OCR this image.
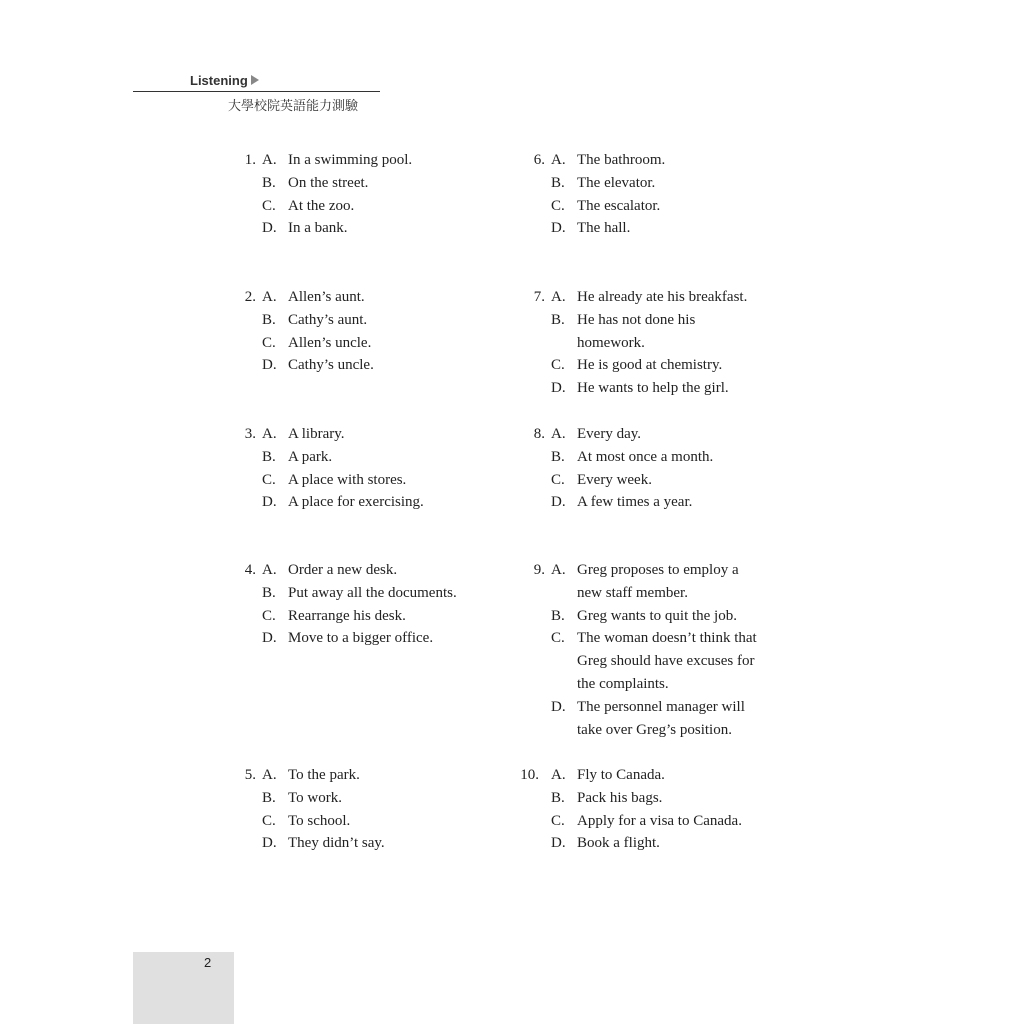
Listening
大學校院英語能力測驗
1. A. In a swimming pool.
B. On the street.
C. At the zoo.
D. In a bank.
2. A. Allen’s aunt.
B. Cathy’s aunt.
C. Allen’s uncle.
D. Cathy’s uncle.
3. A. A library.
B. A park.
C. A place with stores.
D. A place for exercising.
4. A. Order a new desk.
B. Put away all the documents.
C. Rearrange his desk.
D. Move to a bigger office.
5. A. To the park.
B. To work.
C. To school.
D. They didn’t say.
6. A. The bathroom.
B. The elevator.
C. The escalator.
D. The hall.
7. A. He already ate his breakfast.
B. He has not done his
homework.
C. He is good at chemistry.
D. He wants to help the girl.
8. A. Every day.
B. At most once a month.
C. Every week.
D. A few times a year.
9. A. Greg proposes to employ a
new staff member.
B. Greg wants to quit the job.
C. The woman doesn’t think that
Greg should have excuses for
the complaints.
D. The personnel manager will
take over Greg’s position.
10. A. Fly to Canada.
B. Pack his bags.
C. Apply for a visa to Canada.
D. Book a flight.
2
